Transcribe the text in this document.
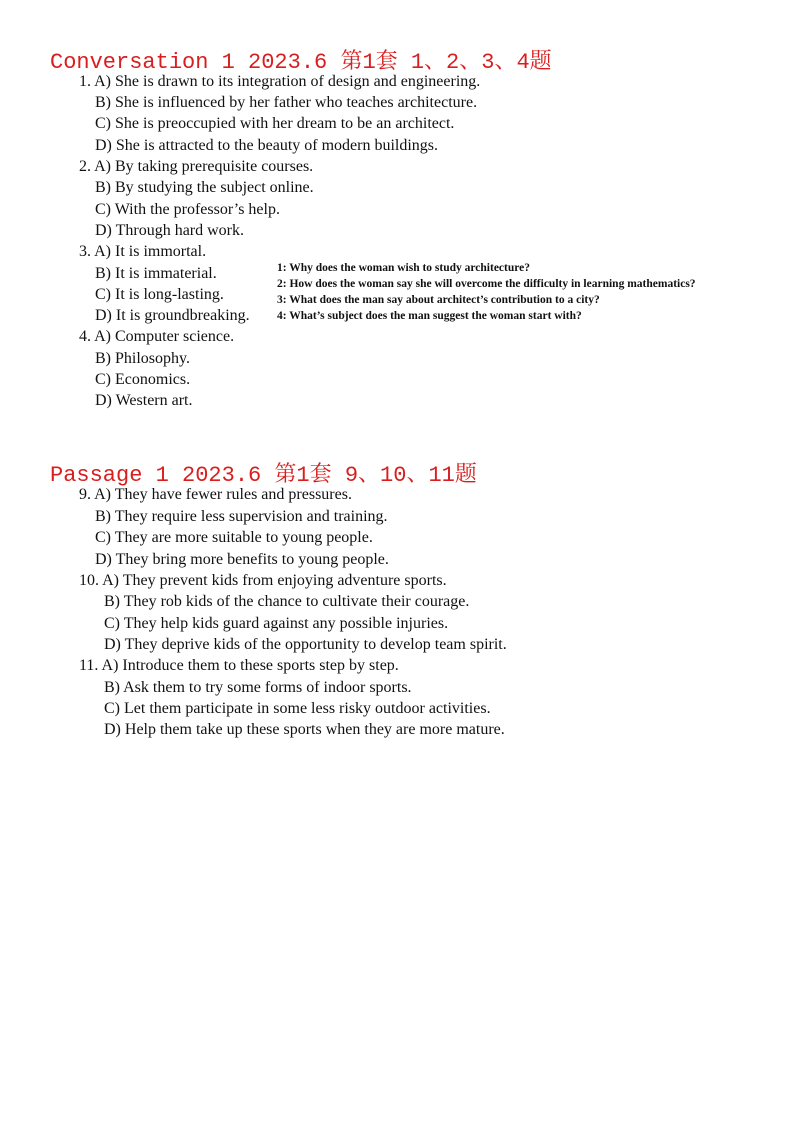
Conversation 1 2023.6 第1套 1、2、3、4题

1. A) She is drawn to its integration of design and engineering.

B) She is influenced by her father who teaches architecture.

C) She is preoccupied with her dream to be an architect.

D) She is attracted to the beauty of modern buildings.

2. A) By taking prerequisite courses.

B) By studying the subject online.

C) With the professor’s help.

D) Through hard work.

3. A) It is immortal.

B) It is immaterial.

C) It is long-lasting.

D) It is groundbreaking.

4. A) Computer science.

B) Philosophy.

C) Economics.

D) Western art.

1: Why does the woman wish to study architecture?
2: How does the woman say she will overcome the difficulty in learning mathematics?
3: What does the man say about architect’s contribution to a city?
4: What’s subject does the man suggest the woman start with?
Passage 1 2023.6 第1套 9、10、11题

9. A) They have fewer rules and pressures.

B) They require less supervision and training.

C) They are more suitable to young people.

D) They bring more benefits to young people.

10. A) They prevent kids from enjoying adventure sports.

B) They rob kids of the chance to cultivate their courage.

C) They help kids guard against any possible injuries.

D) They deprive kids of the opportunity to develop team spirit.

11. A) Introduce them to these sports step by step.

B) Ask them to try some forms of indoor sports.

C) Let them participate in some less risky outdoor activities.

D) Help them take up these sports when they are more mature.
